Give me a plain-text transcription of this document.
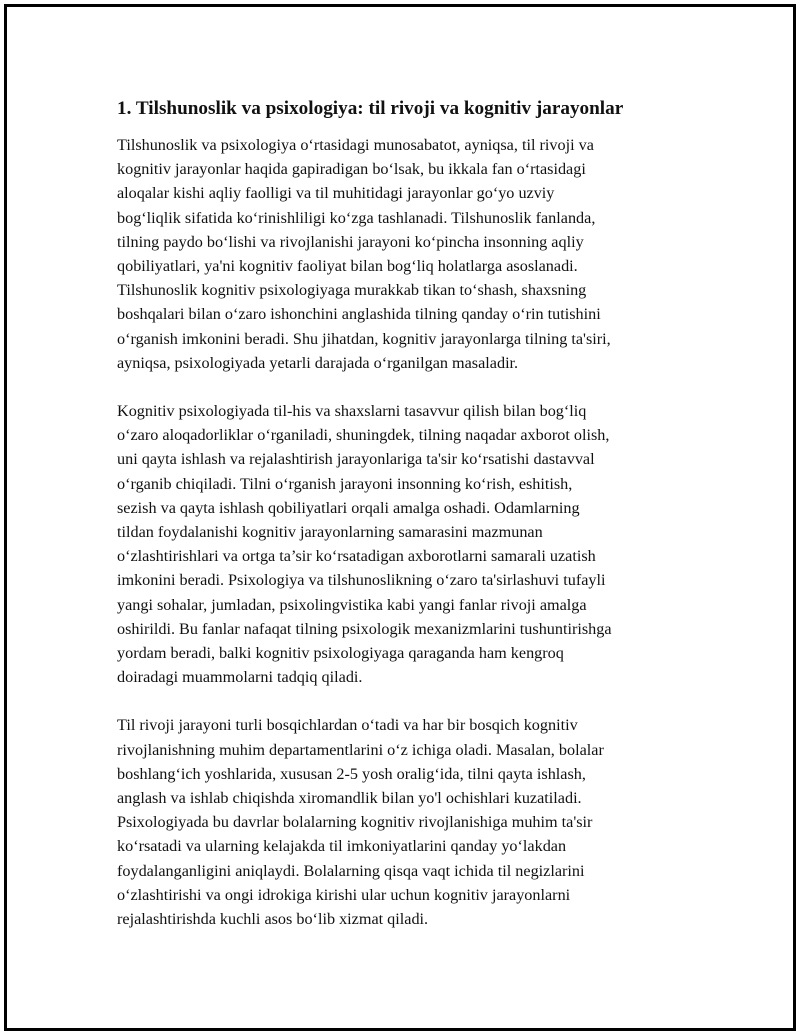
1. Tilshunoslik va psixologiya: til rivoji va kognitiv jarayonlar

Tilshunoslik va psixologiya o‘rtasidagi munosabatot, ayniqsa, til rivoji va
kognitiv jarayonlar haqida gapiradigan bo‘lsak, bu ikkala fan o‘rtasidagi
aloqalar kishi aqliy faolligi va til muhitidagi jarayonlar go‘yo uzviy
bog‘liqlik sifatida ko‘rinishliligi ko‘zga tashlanadi. Tilshunoslik fanlanda,
tilning paydo bo‘lishi va rivojlanishi jarayoni ko‘pincha insonning aqliy
qobiliyatlari, ya'ni kognitiv faoliyat bilan bog‘liq holatlarga asoslanadi.
Tilshunoslik kognitiv psixologiyaga murakkab tikan to‘shash, shaxsning
boshqalari bilan o‘zaro ishonchini anglashida tilning qanday o‘rin tutishini
o‘rganish imkonini beradi. Shu jihatdan, kognitiv jarayonlarga tilning ta'siri,
ayniqsa, psixologiyada yetarli darajada o‘rganilgan masaladir.

Kognitiv psixologiyada til-his va shaxslarni tasavvur qilish bilan bog‘liq
o‘zaro aloqadorliklar o‘rganiladi, shuningdek, tilning naqadar axborot olish,
uni qayta ishlash va rejalashtirish jarayonlariga ta'sir ko‘rsatishi dastavval
o‘rganib chiqiladi. Tilni o‘rganish jarayoni insonning ko‘rish, eshitish,
sezish va qayta ishlash qobiliyatlari orqali amalga oshadi. Odamlarning
tildan foydalanishi kognitiv jarayonlarning samarasini mazmunan
o‘zlashtirishlari va ortga ta’sir ko‘rsatadigan axborotlarni samarali uzatish
imkonini beradi. Psixologiya va tilshunoslikning o‘zaro ta'sirlashuvi tufayli
yangi sohalar, jumladan, psixolingvistika kabi yangi fanlar rivoji amalga
oshirildi. Bu fanlar nafaqat tilning psixologik mexanizmlarini tushuntirishga
yordam beradi, balki kognitiv psixologiyaga qaraganda ham kengroq
doiradagi muammolarni tadqiq qiladi.

Til rivoji jarayoni turli bosqichlardan o‘tadi va har bir bosqich kognitiv
rivojlanishning muhim departamentlarini o‘z ichiga oladi. Masalan, bolalar
boshlang‘ich yoshlarida, xususan 2-5 yosh oralig‘ida, tilni qayta ishlash,
anglash va ishlab chiqishda xiromandlik bilan yo'l ochishlari kuzatiladi.
Psixologiyada bu davrlar bolalarning kognitiv rivojlanishiga muhim ta'sir
ko‘rsatadi va ularning kelajakda til imkoniyatlarini qanday yo‘lakdan
foydalanganligini aniqlaydi. Bolalarning qisqa vaqt ichida til negizlarini
o‘zlashtirishi va ongi idrokiga kirishi ular uchun kognitiv jarayonlarni
rejalashtirishda kuchli asos bo‘lib xizmat qiladi.
